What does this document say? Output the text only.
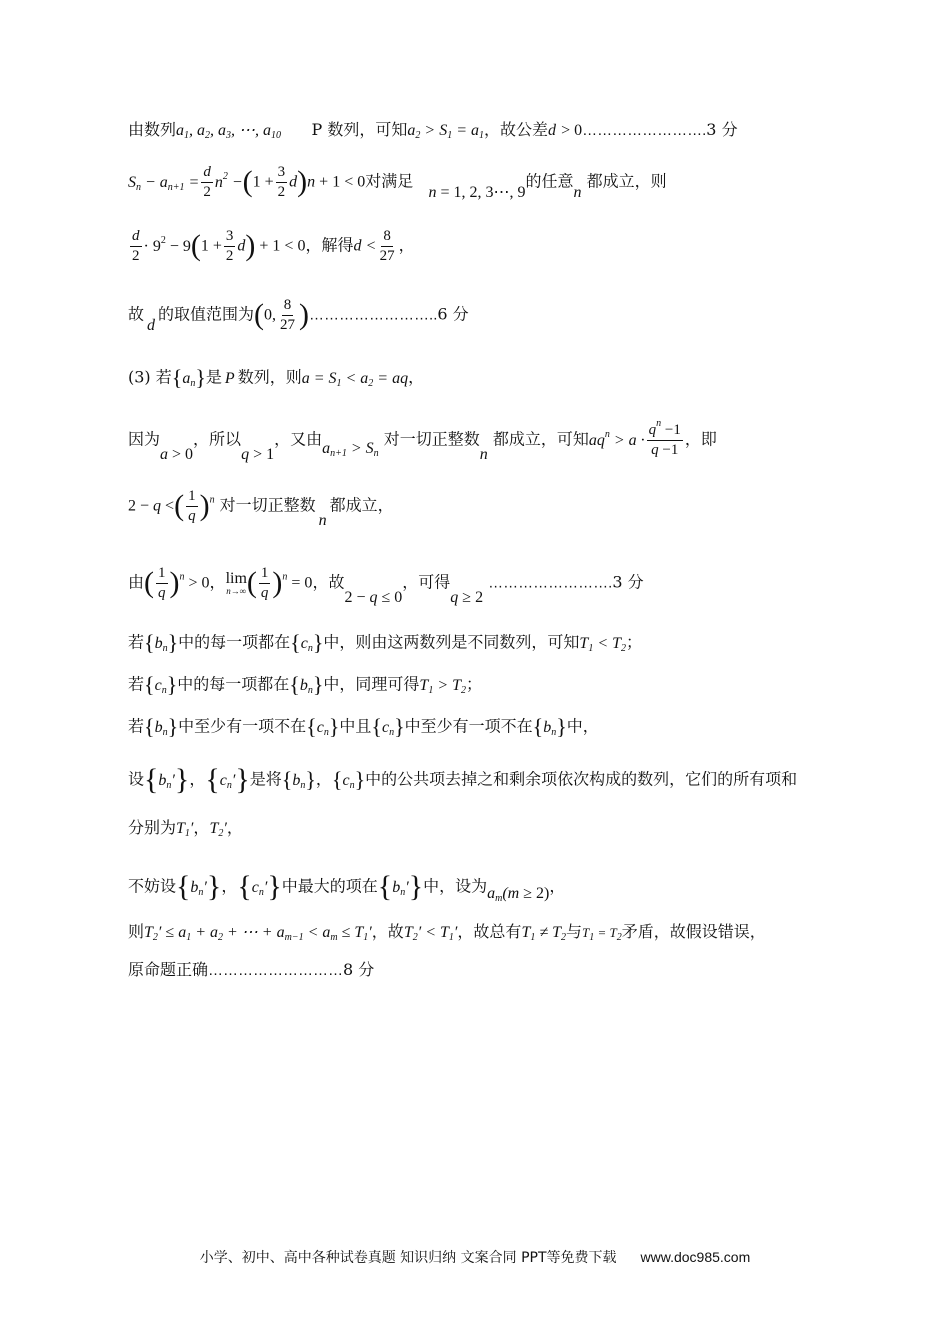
由数列$a_1$, $a_2$, $a_3$, ⋯, $a_{10}$ P 数列，可知$a_2 > S_1 = a_1$，故公差d > 0…………………….3 分
$S_n - a_{n+1} = \frac{d}{2} n^2 -(1 + \frac{3}{2} d)n + 1 < 0$对满足   n = 1, 2, 3⋯, 9的任意n 都成立，则
$\frac{d}{2} \cdot 9^2 - 9(1 + \frac{3}{2} d) + 1 < 0$，解得$d < \frac{8}{27}$ ，
故d的取值范围为(0, $\frac{8}{27}$ )……………………..6 分
(3) 若$\{a_n\}$是 P 数列，则$a = S_1 < a_2$ = aq，
因为a > 0，所以q > 1，又由$a_{n+1} > S_n$ 对一切正整数n 都成立，可知$aq^n > a \cdot \frac{q^n -1}{q -1}$ ，即
2 − q <( $\frac{1}{q} )^n$ 对一切正整数n都成立，
由( $\frac{1}{q} )^n > 0$，lim
n→∞ ( $\frac{1}{q} )^n = 0$，故2 − q ≤ 0，可得q ≥ 2 …………………….3 分
若$\{b_n\}$中的每一项都在$\{c_n\}$中，则由这两数列是不同数列，可知$T_1 < T_2$；
若$\{c_n\}$中的每一项都在$\{b_n\}$中，同理可得$T_1 > T_2$；
若$\{b_n\}$中至少有一项不在$\{c_n\}$中且$\{c_n\}$中至少有一项不在$\{b_n\}$中，
设$\{b_n'\}$，$\{c_n'\}$是将$\{b_n\}$，$\{c_n\}$中的公共项去掉之和剩余项依次构成的数列，它们的所有项和
分别为$T_1'$，$T_2'$，
不妨设$\{b_n'\}$，$\{c_n'\}$中最大的项在$\{b_n'\}$中，设为$a_m(m \ge 2)$，
则$T_2' \le a_1 + a_2$ + ⋯ + $a_{m-1} < a_m \le T_1'$，故$T_2' < T_1'$，故总有$T_1 \ne T_2$与$T_1 = T_2$矛盾，故假设错误，
原命题正确………………………8 分
小学、初中、高中各种试卷真题 知识归纳 文案合同 PPT等免费下载 www.doc985.com
